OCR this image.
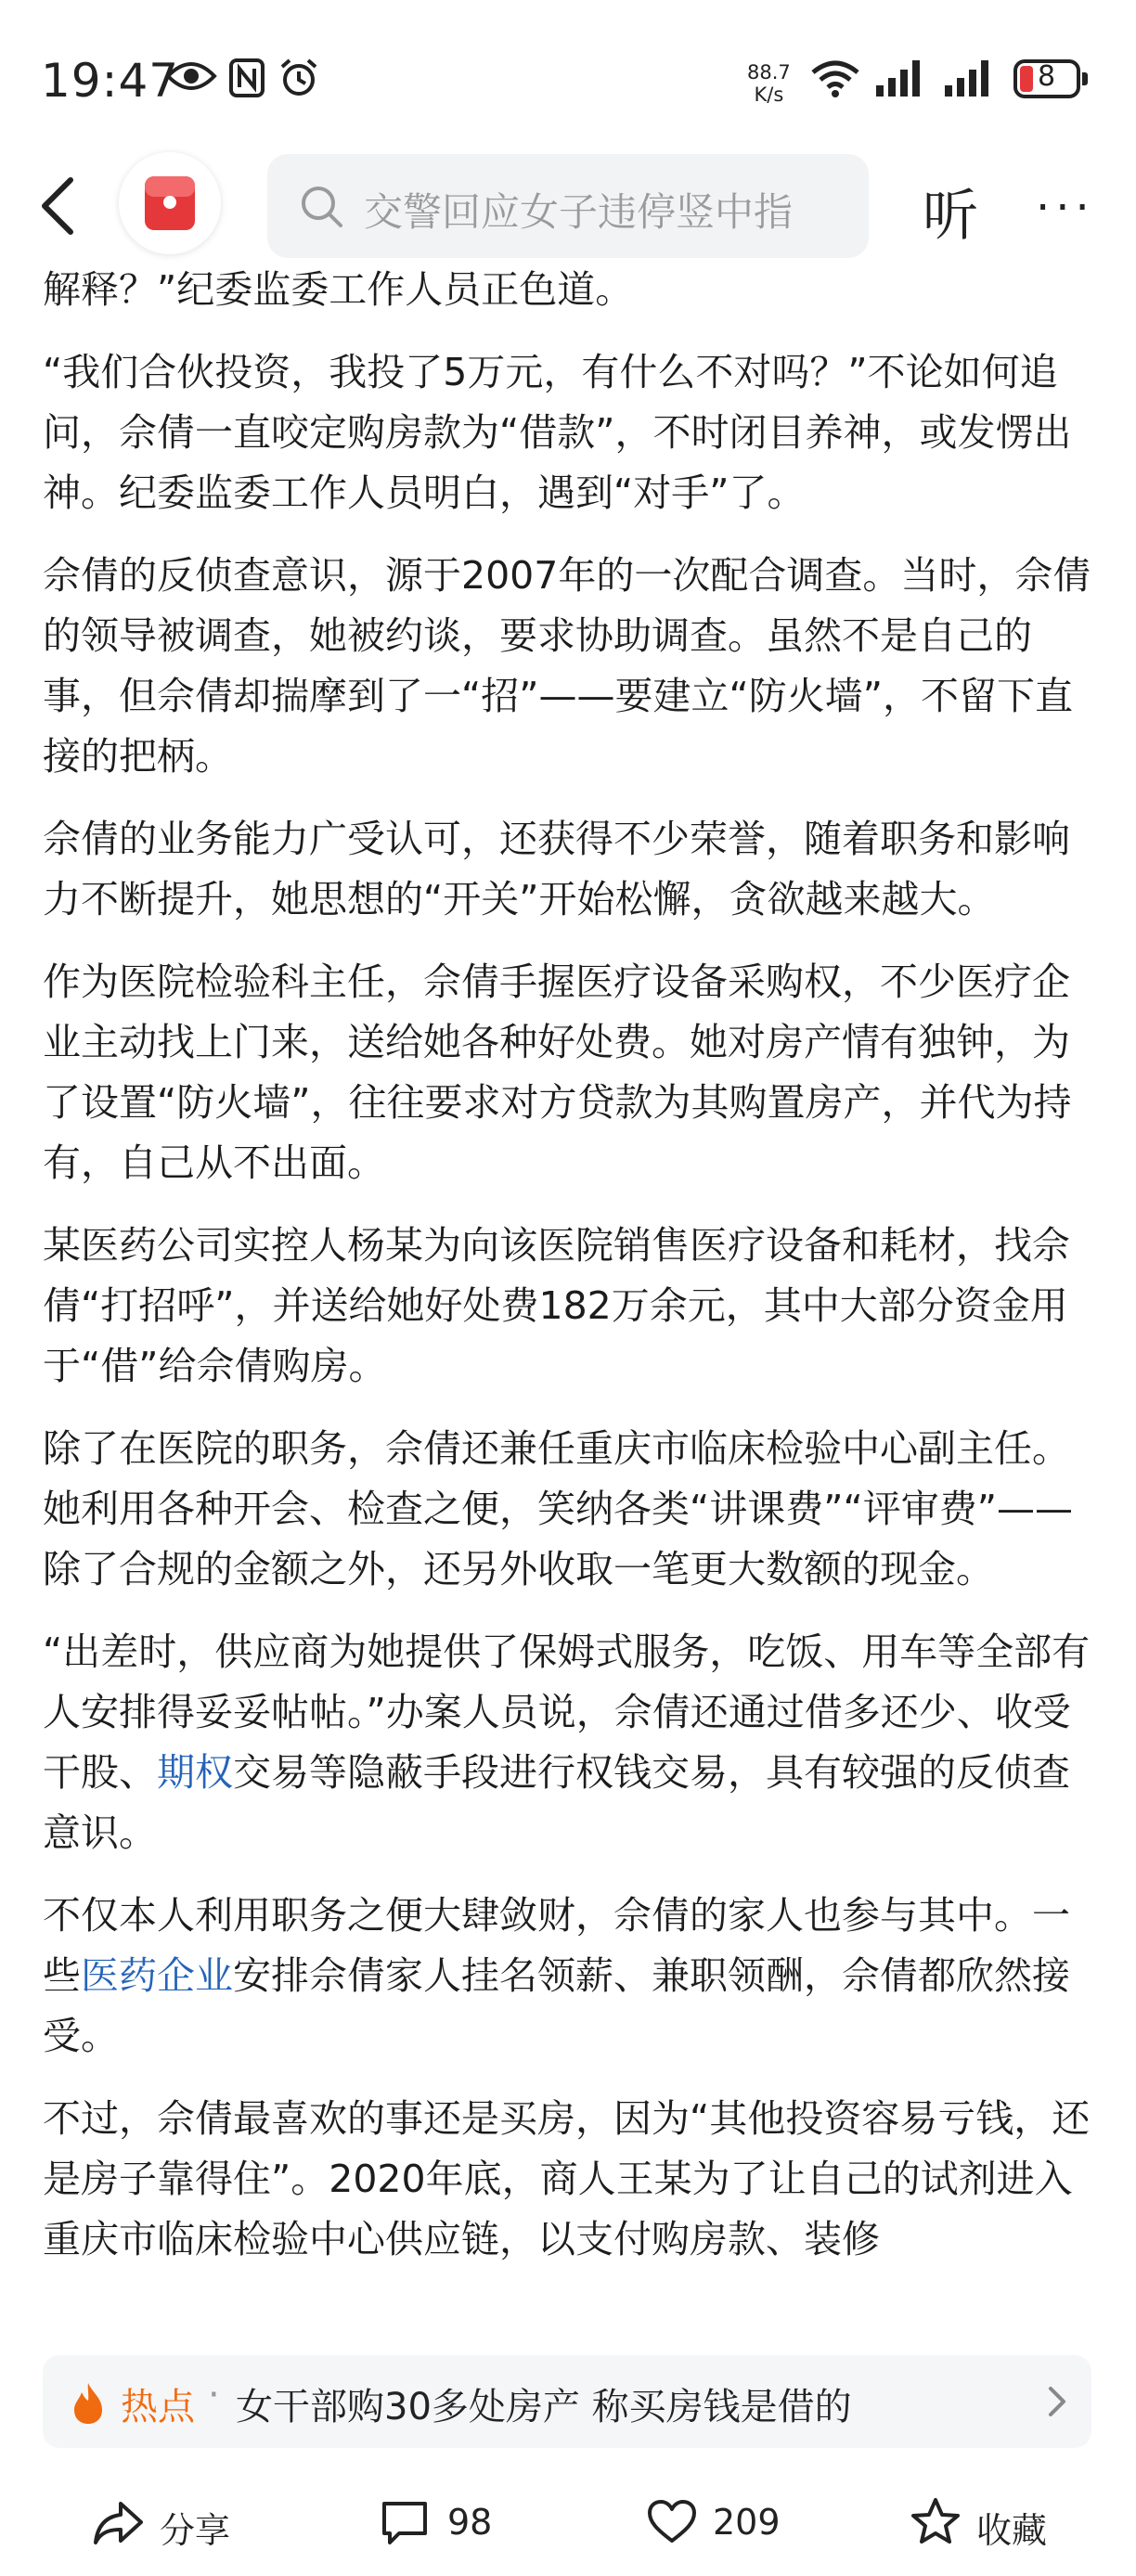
19:47	88.7
K/s
8
交警回应女子违停竖中指 听 ···

解释？”纪委监委工作人员正色道。

“我们合伙投资，我投了5万元，有什么不对吗？”不论如何追问，佘倩一直咬定购房款为“借款”，不时闭目养神，或发愣出神。纪委监委工作人员明白，遇到“对手”了。

佘倩的反侦查意识，源于2007年的一次配合调查。当时，佘倩的领导被调查，她被约谈，要求协助调查。虽然不是自己的事，但佘倩却揣摩到了一“招”——要建立“防火墙”，不留下直接的把柄。

佘倩的业务能力广受认可，还获得不少荣誉，随着职务和影响力不断提升，她思想的“开关”开始松懈，贪欲越来越大。

作为医院检验科主任，佘倩手握医疗设备采购权，不少医疗企业主动找上门来，送给她各种好处费。她对房产情有独钟，为了设置“防火墙”，往往要求对方贷款为其购置房产，并代为持有，自己从不出面。

某医药公司实控人杨某为向该医院销售医疗设备和耗材，找佘倩“打招呼”，并送给她好处费182万余元，其中大部分资金用于“借”给佘倩购房。

除了在医院的职务，佘倩还兼任重庆市临床检验中心副主任。她利用各种开会、检查之便，笑纳各类“讲课费”“评审费”——除了合规的金额之外，还另外收取一笔更大数额的现金。

“出差时，供应商为她提供了保姆式服务，吃饭、用车等全部有人安排得妥妥帖帖。”办案人员说，佘倩还通过借多还少、收受干股、期权交易等隐蔽手段进行权钱交易，具有较强的反侦查意识。

不仅本人利用职务之便大肆敛财，佘倩的家人也参与其中。一些医药企业安排佘倩家人挂名领薪、兼职领酬，佘倩都欣然接受。

不过，佘倩最喜欢的事还是买房，因为“其他投资容易亏钱，还是房子靠得住”。2020年底，商人王某为了让自己的试剂进入重庆市临床检验中心供应链，以支付购房款、装修

热点 · 女干部购30多处房产 称买房钱是借的
分享	98	209	收藏
